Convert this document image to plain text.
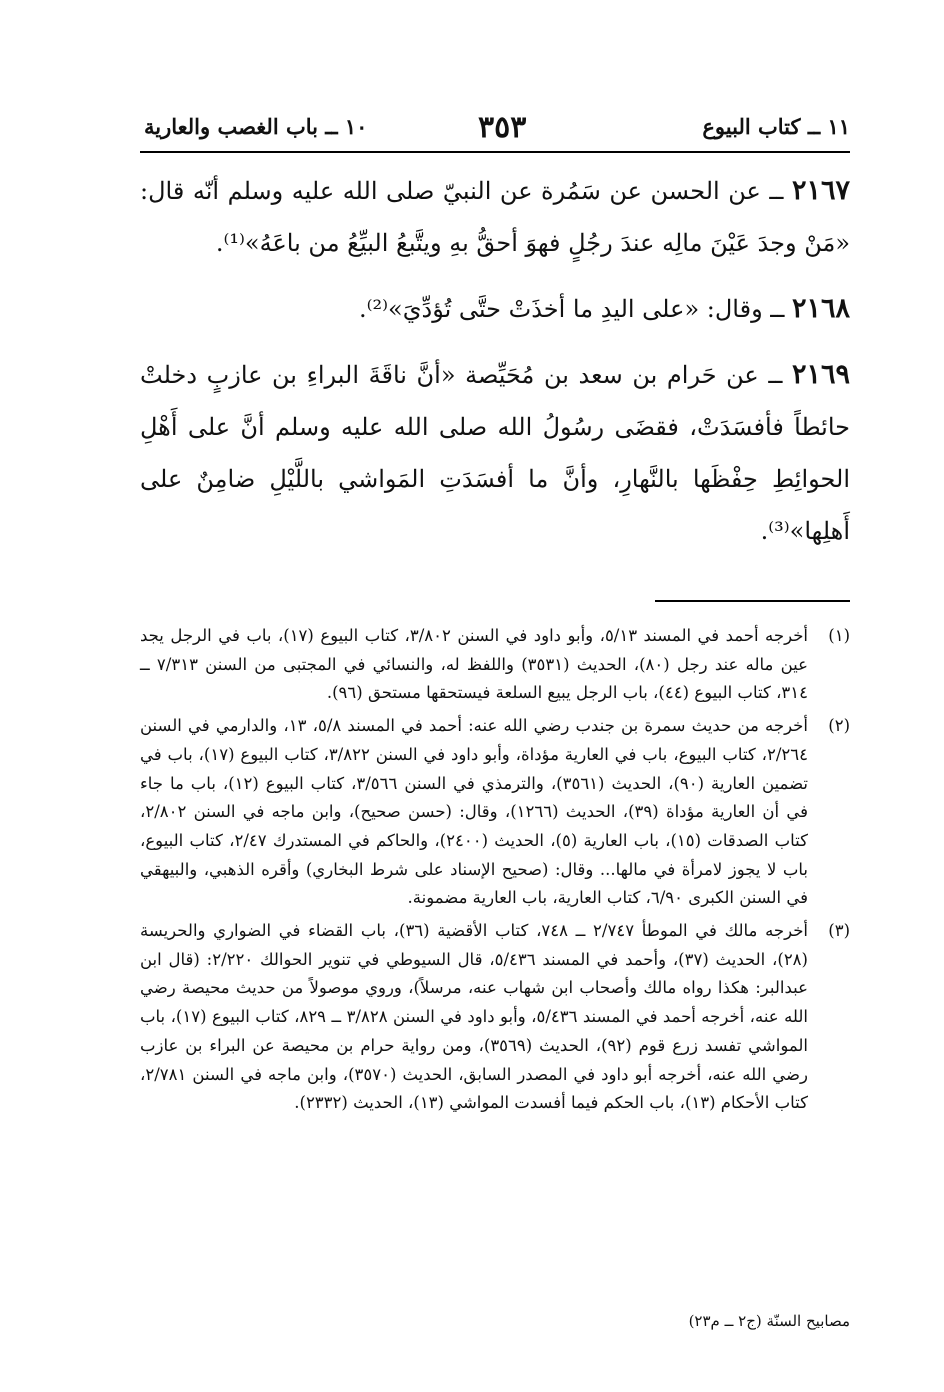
١١ ــ كتاب البيوع
٣٥٣
١٠ ــ باب الغصب والعارية

٢١٦٧ ــ عن الحسن عن سَمُرة عن النبيّ صلى الله عليه وسلم أنّه قال: «مَنْ وجدَ عَيْنَ مالِه عندَ رجُلٍ فهوَ أحقُّ بهِ ويتَّبعُ البيِّعُ من باعَهُ»⁽¹⁾.

٢١٦٨ ــ وقال: «على اليدِ ما أخذَتْ حتَّى تُؤدِّيَ»⁽²⁾.

٢١٦٩ ــ عن حَرام بن سعد بن مُحَيِّصة «أنَّ ناقَةَ البراءِ بن عازبٍ دخلتْ حائطاً فأفسَدَتْ، فقضَى رسُولُ الله صلى الله عليه وسلم أنَّ على أَهْلِ الحوائِطِ حِفْظَها بالنَّهارِ، وأنَّ ما أفسَدَتِ المَواشي باللَّيْلِ ضامِنٌ على أَهلِها»⁽³⁾.

(١)
أخرجه أحمد في المسند ٥/١٣، وأبو داود في السنن ٣/٨٠٢، كتاب البيوع (١٧)، باب في الرجل يجد عين ماله عند رجل (٨٠)، الحديث (٣٥٣١) واللفظ له، والنسائي في المجتبى من السنن ٧/٣١٣ ــ ٣١٤، كتاب البيوع (٤٤)، باب الرجل يبيع السلعة فيستحقها مستحق (٩٦).

(٢)
أخرجه من حديث سمرة بن جندب رضي الله عنه: أحمد في المسند ٥/٨، ١٣، والدارمي في السنن ٢/٢٦٤، كتاب البيوع، باب في العارية مؤداة، وأبو داود في السنن ٣/٨٢٢، كتاب البيوع (١٧)، باب في تضمين العارية (٩٠)، الحديث (٣٥٦١)، والترمذي في السنن ٣/٥٦٦، كتاب البيوع (١٢)، باب ما جاء في أن العارية مؤداة (٣٩)، الحديث (١٢٦٦)، وقال: (حسن صحيح)، وابن ماجه في السنن ٢/٨٠٢، كتاب الصدقات (١٥)، باب العارية (٥)، الحديث (٢٤٠٠)، والحاكم في المستدرك ٢/٤٧، كتاب البيوع، باب لا يجوز لامرأة في مالها... وقال: (صحيح الإسناد على شرط البخاري) وأقره الذهبي، والبيهقي في السنن الكبرى ٦/٩٠، كتاب العارية، باب العارية مضمونة.

(٣)
أخرجه مالك في الموطأ ٢/٧٤٧ ــ ٧٤٨، كتاب الأقضية (٣٦)، باب القضاء في الضواري والحريسة (٢٨)، الحديث (٣٧)، وأحمد في المسند ٥/٤٣٦، قال السيوطي في تنوير الحوالك ٢/٢٢٠: (قال ابن عبدالبر: هكذا رواه مالك وأصحاب ابن شهاب عنه، مرسلاً)، وروي موصولاً من حديث محيصة رضي الله عنه، أخرجه أحمد في المسند ٥/٤٣٦، وأبو داود في السنن ٣/٨٢٨ ــ ٨٢٩، كتاب البيوع (١٧)، باب المواشي تفسد زرع قوم (٩٢)، الحديث (٣٥٦٩)، ومن رواية حرام بن محيصة عن البراء بن عازب رضي الله عنه، أخرجه أبو داود في المصدر السابق، الحديث (٣٥٧٠)، وابن ماجه في السنن ٢/٧٨١، كتاب الأحكام (١٣)، باب الحكم فيما أفسدت المواشي (١٣)، الحديث (٢٣٣٢).

مصابيح السنّة (ج٢ ــ م٢٣)
